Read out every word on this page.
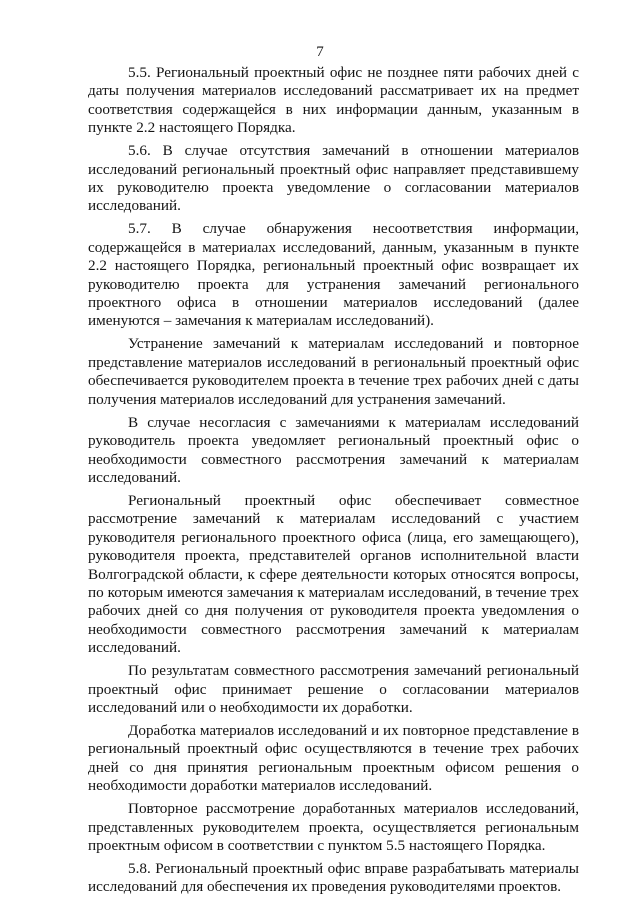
7

5.5. Региональный проектный офис не позднее пяти рабочих дней с даты получения материалов исследований рассматривает их на предмет соответствия содержащейся в них информации данным, указанным в пункте 2.2 настоящего Порядка.

5.6. В случае отсутствия замечаний в отношении материалов исследований региональный проектный офис направляет представившему их руководителю проекта уведомление о согласовании материалов исследований.

5.7. В случае обнаружения несоответствия информации, содержащейся в материалах исследований, данным, указанным в пункте 2.2 настоящего Порядка, региональный проектный офис возвращает их руководителю проекта для устранения замечаний регионального проектного офиса в отношении материалов исследований (далее именуются – замечания к материалам исследований).

Устранение замечаний к материалам исследований и повторное представление материалов исследований в региональный проектный офис обеспечивается руководителем проекта в течение трех рабочих дней с даты получения материалов исследований для устранения замечаний.

В случае несогласия с замечаниями к материалам исследований руководитель проекта уведомляет региональный проектный офис о необходимости совместного рассмотрения замечаний к материалам исследований.

Региональный проектный офис обеспечивает совместное рассмотрение замечаний к материалам исследований с участием руководителя регионального проектного офиса (лица, его замещающего), руководителя проекта, представителей органов исполнительной власти Волгоградской области, к сфере деятельности которых относятся вопросы, по которым имеются замечания к материалам исследований, в течение трех рабочих дней со дня получения от руководителя проекта уведомления о необходимости совместного рассмотрения замечаний к материалам исследований.

По результатам совместного рассмотрения замечаний региональный проектный офис принимает решение о согласовании материалов исследований или о необходимости их доработки.

Доработка материалов исследований и их повторное представление в региональный проектный офис осуществляются в течение трех рабочих дней со дня принятия региональным проектным офисом решения о необходимости доработки материалов исследований.

Повторное рассмотрение доработанных материалов исследований, представленных руководителем проекта, осуществляется региональным проектным офисом в соответствии с пунктом 5.5 настоящего Порядка.

5.8. Региональный проектный офис вправе разрабатывать материалы исследований для обеспечения их проведения руководителями проектов.
